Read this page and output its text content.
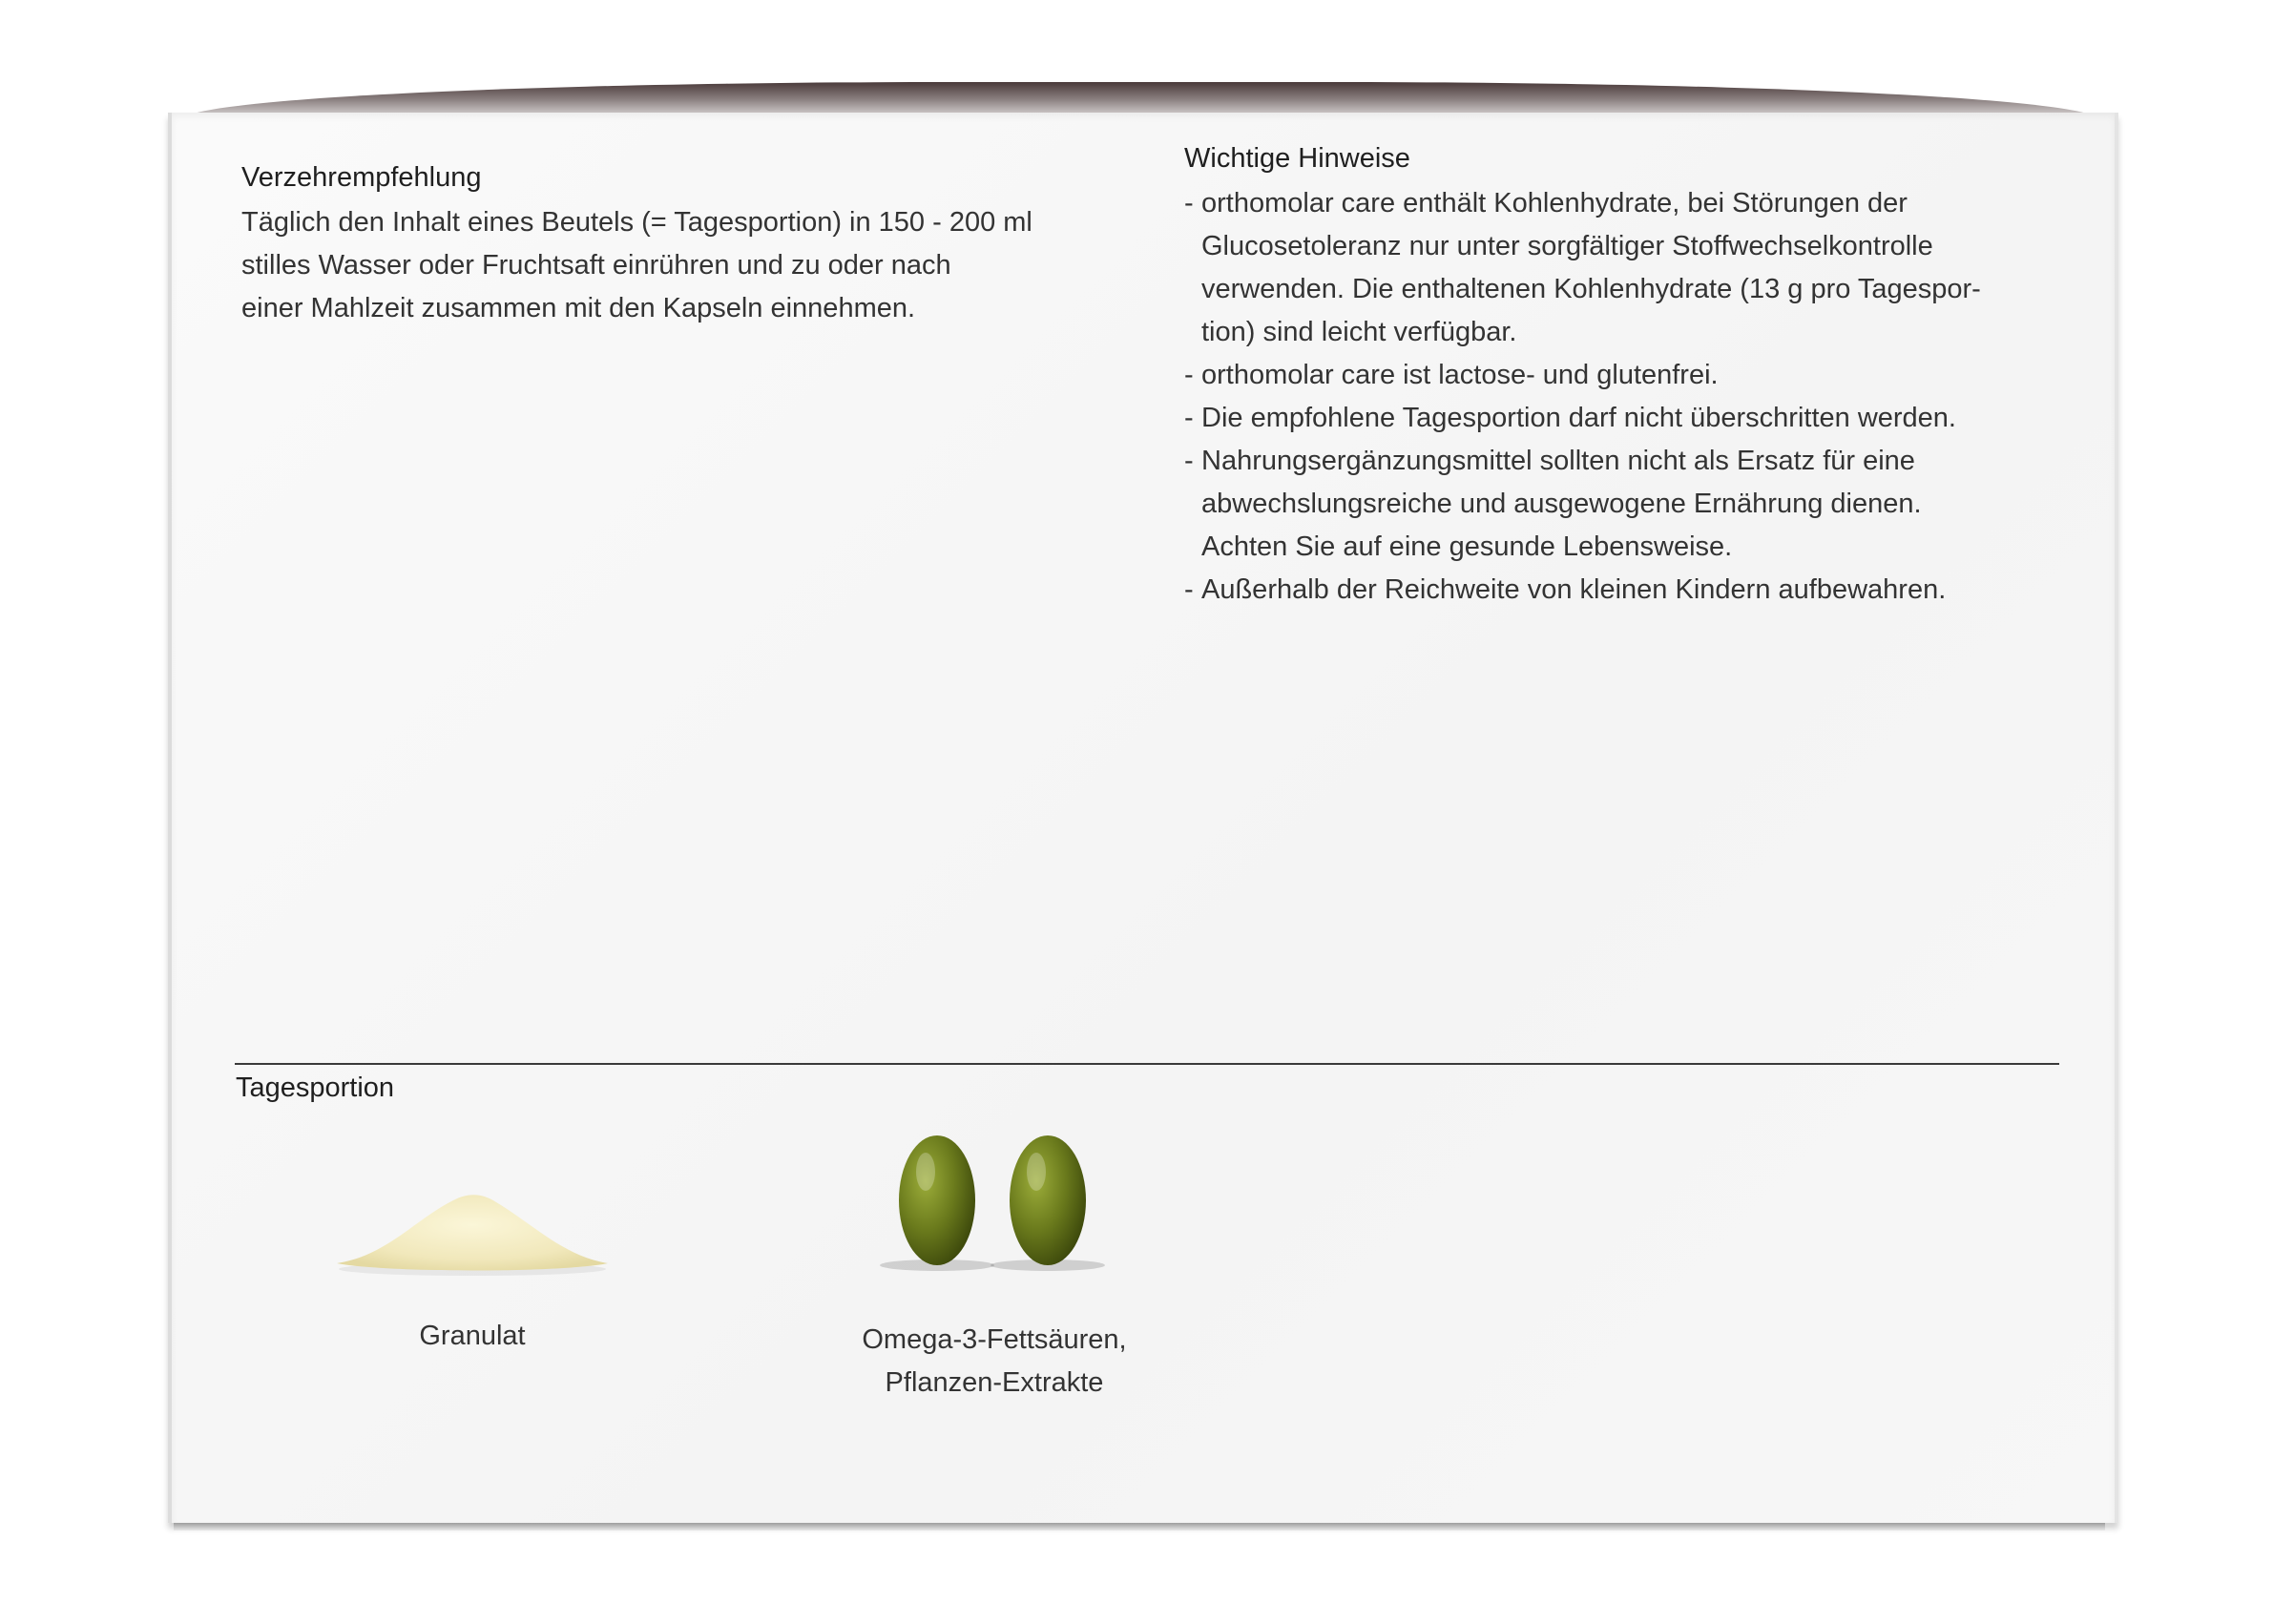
Verzehrempfehlung
Täglich den Inhalt eines Beutels (= Tagesportion) in 150 - 200 ml
stilles Wasser oder Fruchtsaft einrühren und zu oder nach
einer Mahlzeit zusammen mit den Kapseln einnehmen.
Wichtige Hinweise
- orthomolar care enthält Kohlenhydrate, bei Störungen der
Glucosetoleranz nur unter sorgfältiger Stoffwechselkontrolle
verwenden. Die enthaltenen Kohlenhydrate (13 g pro Tagespor-
tion) sind leicht verfügbar.
- orthomolar care ist lactose- und glutenfrei.
- Die empfohlene Tagesportion darf nicht überschritten werden.
- Nahrungsergänzungsmittel sollten nicht als Ersatz für eine
abwechslungsreiche und ausgewogene Ernährung dienen.
Achten Sie auf eine gesunde Lebensweise.
- Außerhalb der Reichweite von kleinen Kindern aufbewahren.
Tagesportion
Granulat	Omega-3-Fettsäuren,
Pflanzen-Extrakte
